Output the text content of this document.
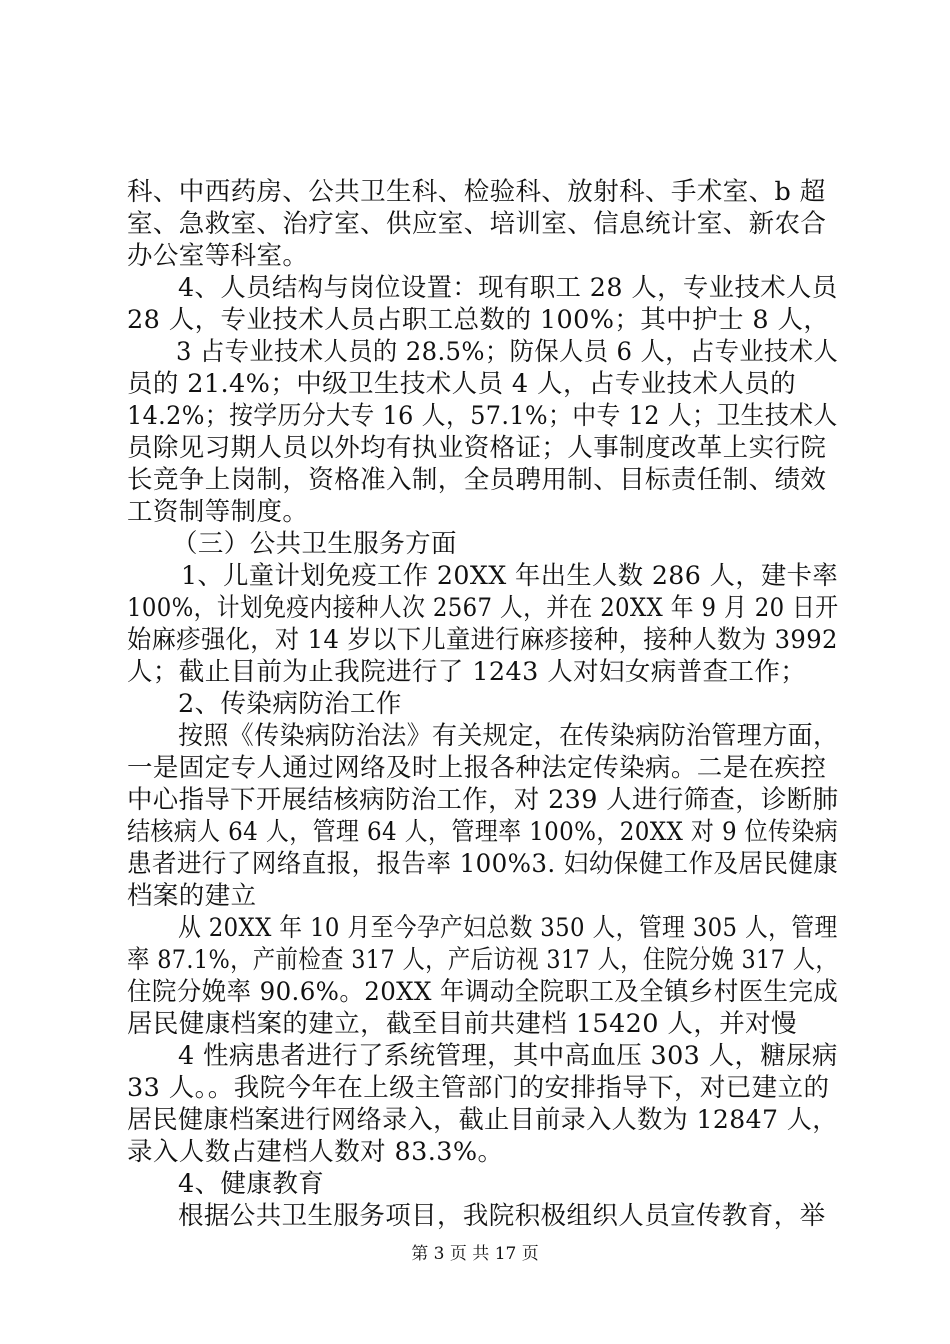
科、中西药房、公共卫生科、检验科、放射科、手术室、b 超
室、急救室、治疗室、供应室、培训室、信息统计室、新农合
办公室等科室。
4、人员结构与岗位设置：现有职工 28 人，专业技术人员
28 人，专业技术人员占职工总数的 100%；其中护士 8 人，
3 占专业技术人员的 28.5%；防保人员 6 人，占专业技术人
员的 21.4%；中级卫生技术人员 4 人，占专业技术人员的
14.2%；按学历分大专 16 人，57.1%；中专 12 人；卫生技术人
员除见习期人员以外均有执业资格证；人事制度改革上实行院
长竞争上岗制，资格准入制，全员聘用制、目标责任制、绩效
工资制等制度。
（三）公共卫生服务方面
1、儿童计划免疫工作 20XX 年出生人数 286 人，建卡率
100%，计划免疫内接种人次 2567 人，并在 20XX 年 9 月 20 日开
始麻疹强化，对 14 岁以下儿童进行麻疹接种，接种人数为 3992
人；截止目前为止我院进行了 1243 人对妇女病普查工作；
2、传染病防治工作
按照《传染病防治法》有关规定，在传染病防治管理方面，
一是固定专人通过网络及时上报各种法定传染病。二是在疾控
中心指导下开展结核病防治工作，对 239 人进行筛查，诊断肺
结核病人 64 人，管理 64 人，管理率 100%，20XX 对 9 位传染病
患者进行了网络直报，报告率 100%3. 妇幼保健工作及居民健康
档案的建立
从 20XX 年 10 月至今孕产妇总数 350 人，管理 305 人，管理
率 87.1%，产前检查 317 人，产后访视 317 人，住院分娩 317 人，
住院分娩率 90.6%。20XX 年调动全院职工及全镇乡村医生完成
居民健康档案的建立，截至目前共建档 15420 人，并对慢
4 性病患者进行了系统管理，其中高血压 303 人，糖尿病
33 人。。我院今年在上级主管部门的安排指导下，对已建立的
居民健康档案进行网络录入，截止目前录入人数为 12847 人，
录入人数占建档人数对 83.3%。
4、健康教育
根据公共卫生服务项目，我院积极组织人员宣传教育，举
第 3 页 共 17 页
